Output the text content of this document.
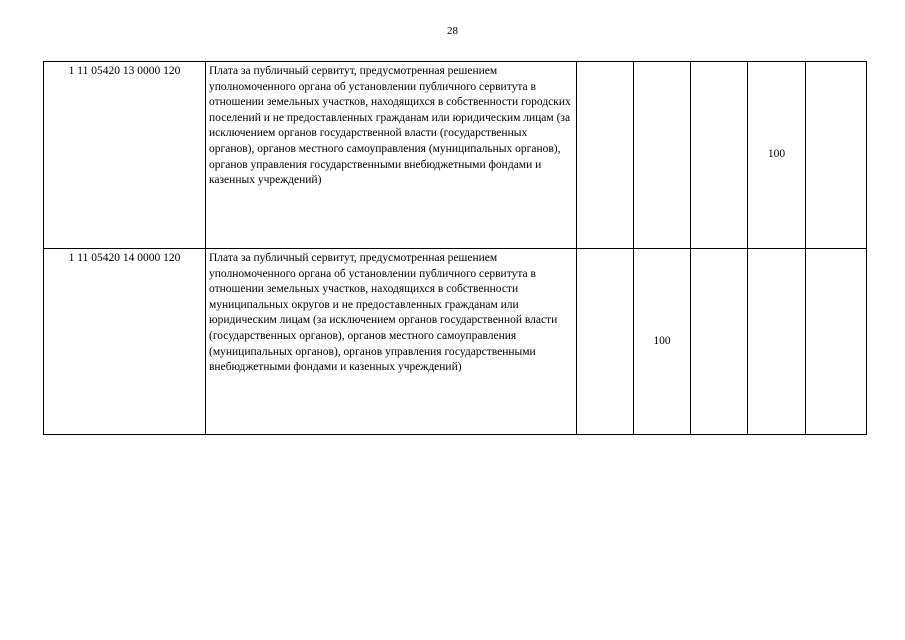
28
1 11 05420 13 0000 120	Плата за публичный сервитут, предусмотренная решением уполномоченного органа об установлении публичного сервитута в отношении земельных участков, находящихся в собственности городских поселений и не предоставленных гражданам или юридическим лицам (за исключением органов государственной власти (государственных органов), органов местного самоуправления (муниципальных органов), органов управления государственными внебюджетными фондами и казенных учреждений)				100	
1 11 05420 14 0000 120	Плата за публичный сервитут, предусмотренная решением уполномоченного органа об установлении публичного сервитута в отношении земельных участков, находящихся в собственности муниципальных округов и не предоставленных гражданам или юридическим лицам (за исключением органов государственной власти (государственных органов), органов местного самоуправления (муниципальных органов), органов управления государственными внебюджетными фондами и казенных учреждений)		100			
